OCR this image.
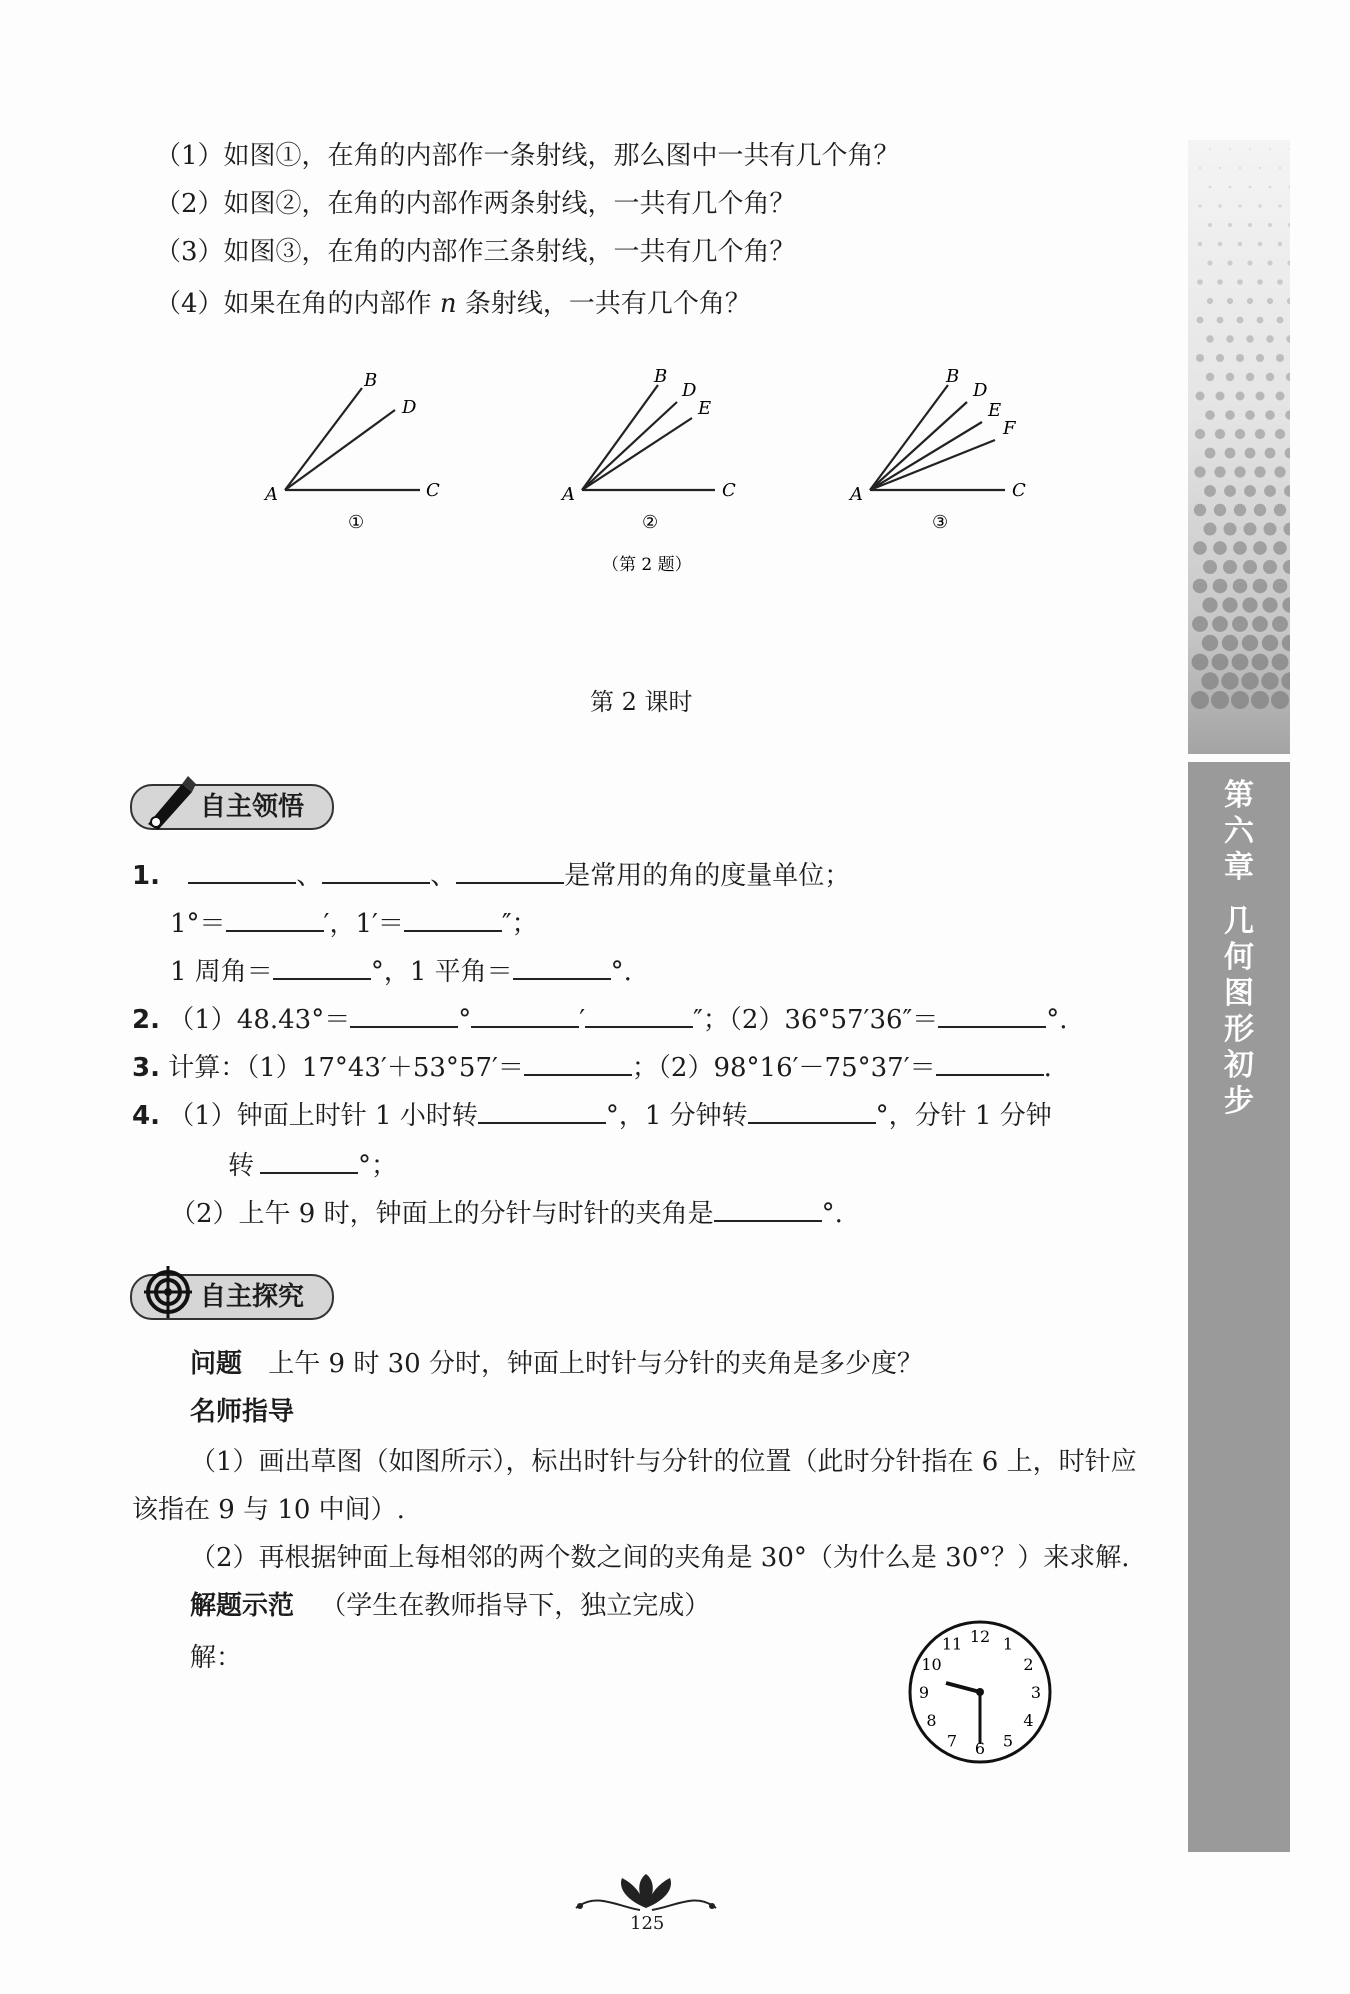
（1）如图①，在角的内部作一条射线，那么图中一共有几个角？
（2）如图②，在角的内部作两条射线，一共有几个角？
（3）如图③，在角的内部作三条射线，一共有几个角？
（4）如果在角的内部作 n 条射线，一共有几个角？
A
B
D
C
①
A
B
D
E
C
②
A
B
D
E
F
C
③
（第 2 题）
第 2 课时
自主领悟
1.	、	、	是常用的角的度量单位；
1°＝	′，1′＝	″；
1 周角＝	°，1 平角＝	°.
2. （1）48.43°＝	°	′	″；（2）36°57′36″＝	°.
3. 计算：（1）17°43′＋53°57′＝	；（2）98°16′－75°37′＝	.
4. （1）钟面上时针 1 小时转	°，1 分钟转	°，分针 1 分钟
转	°；
（2）上午 9 时，钟面上的分针与时针的夹角是	°.
自主探究
问题 上午 9 时 30 分时，钟面上时针与分针的夹角是多少度？
名师指导
（1）画出草图（如图所示），标出时针与分针的位置（此时分针指在 6 上，时针应
该指在 9 与 10 中间）.
（2）再根据钟面上每相邻的两个数之间的夹角是 30°（为什么是 30°？）来求解.
解题示范 （学生在教师指导下，独立完成）
解：
12 1
2
3
4
5
6
7
8
9
10
11
第
六
章
几
何
图
形
初
步
125
